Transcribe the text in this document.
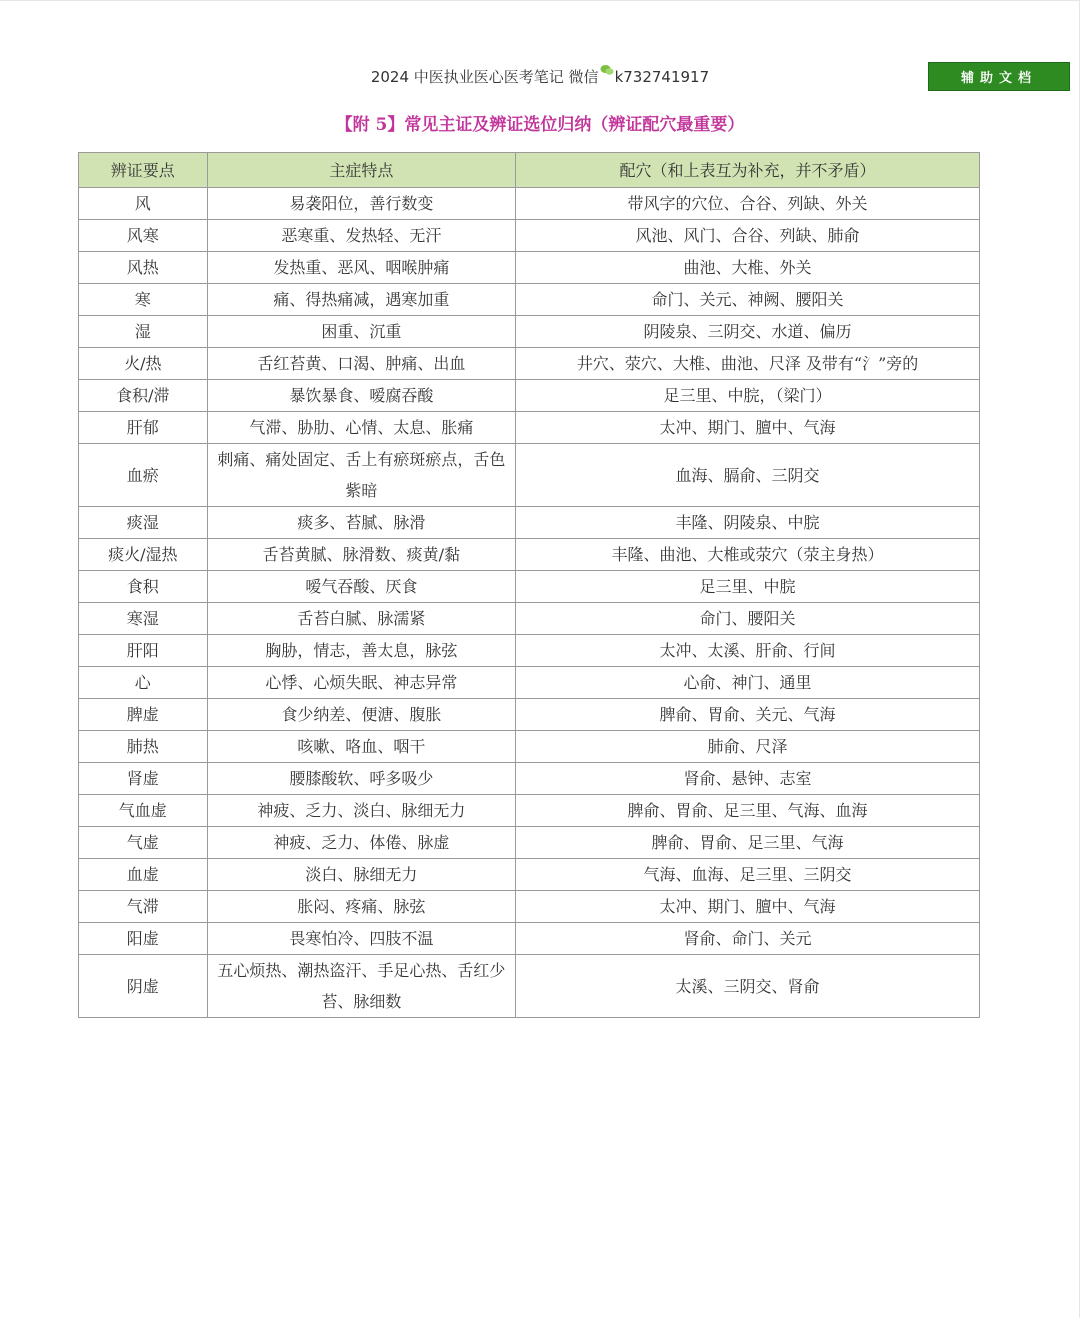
2024 中医执业医心医考笔记 微信 k732741917	辅助文档
【附 5】常见主证及辨证选位归纳（辨证配穴最重要）
辨证要点	主症特点	配穴（和上表互为补充，并不矛盾）
风	易袭阳位，善行数变	带风字的穴位、合谷、列缺、外关
风寒	恶寒重、发热轻、无汗	风池、风门、合谷、列缺、肺俞
风热	发热重、恶风、咽喉肿痛	曲池、大椎、外关
寒	痛、得热痛减，遇寒加重	命门、关元、神阙、腰阳关
湿	困重、沉重	阴陵泉、三阴交、水道、偏历
火/热	舌红苔黄、口渴、肿痛、出血	井穴、荥穴、大椎、曲池、尺泽 及带有“氵”旁的
食积/滞	暴饮暴食、嗳腐吞酸	足三里、中脘，（梁门）
肝郁	气滞、胁肋、心情、太息、胀痛	太冲、期门、膻中、气海
血瘀	刺痛、痛处固定、舌上有瘀斑瘀点，舌色紫暗	血海、膈俞、三阴交
痰湿	痰多、苔腻、脉滑	丰隆、阴陵泉、中脘
痰火/湿热	舌苔黄腻、脉滑数、痰黄/黏	丰隆、曲池、大椎或荥穴（荥主身热）
食积	嗳气吞酸、厌食	足三里、中脘
寒湿	舌苔白腻、脉濡紧	命门、腰阳关
肝阳	胸胁，情志，善太息，脉弦	太冲、太溪、肝俞、行间
心	心悸、心烦失眠、神志异常	心俞、神门、通里
脾虚	食少纳差、便溏、腹胀	脾俞、胃俞、关元、气海
肺热	咳嗽、咯血、咽干	肺俞、尺泽
肾虚	腰膝酸软、呼多吸少	肾俞、悬钟、志室
气血虚	神疲、乏力、淡白、脉细无力	脾俞、胃俞、足三里、气海、血海
气虚	神疲、乏力、体倦、脉虚	脾俞、胃俞、足三里、气海
血虚	淡白、脉细无力	气海、血海、足三里、三阴交
气滞	胀闷、疼痛、脉弦	太冲、期门、膻中、气海
阳虚	畏寒怕冷、四肢不温	肾俞、命门、关元
阴虚	五心烦热、潮热盗汗、手足心热、舌红少苔、脉细数	太溪、三阴交、肾俞
